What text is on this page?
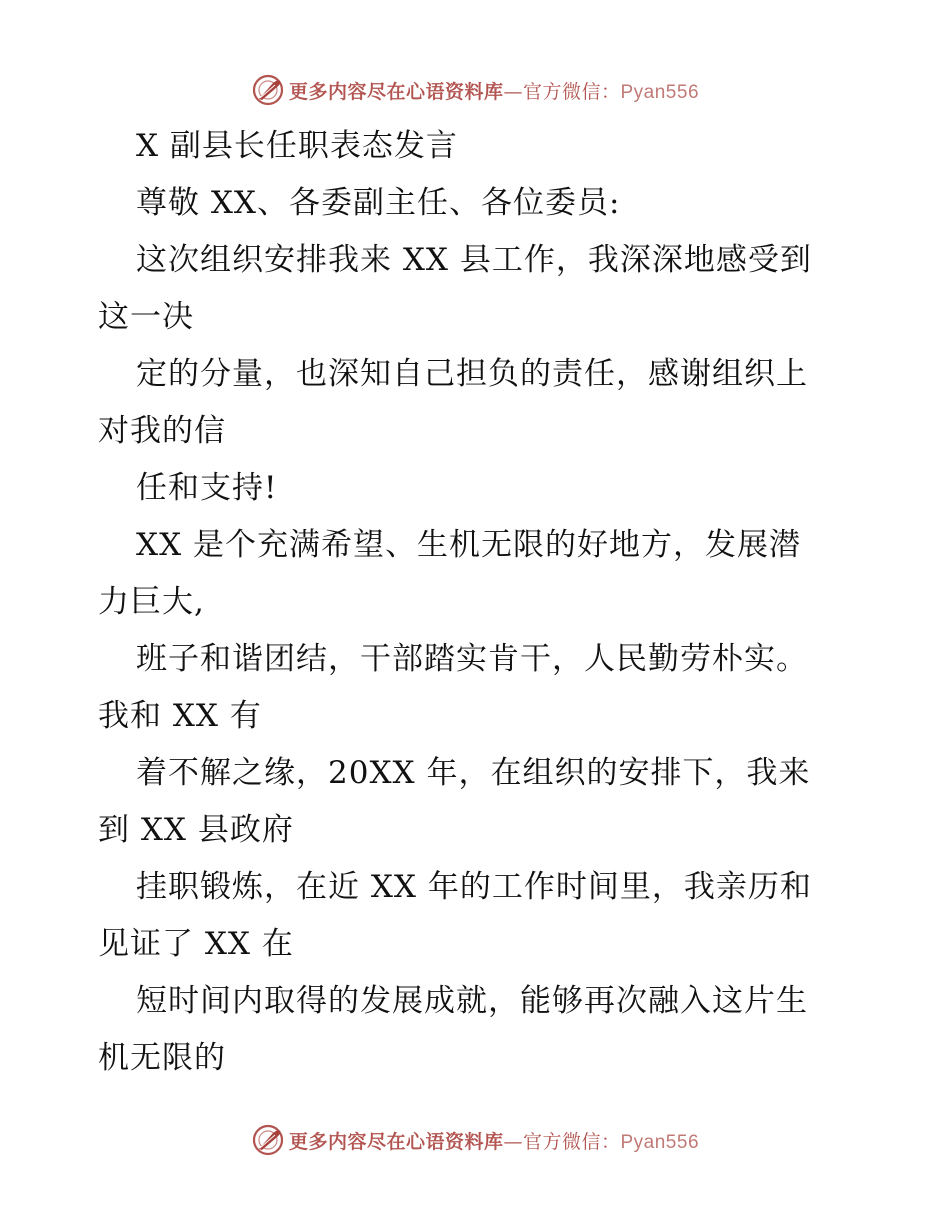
更多内容尽在心语资料库—官方微信：Pyan556
X 副县长任职表态发言
尊敬 XX、各委副主任、各位委员:
这次组织安排我来 XX 县工作，我深深地感受到
这一决
定的分量，也深知自己担负的责任，感谢组织上
对我的信
任和支持!
XX 是个充满希望、生机无限的好地方，发展潜
力巨大,
班子和谐团结，干部踏实肯干，人民勤劳朴实。
我和 XX 有
着不解之缘，20XX 年，在组织的安排下，我来
到 XX 县政府
挂职锻炼，在近 XX 年的工作时间里，我亲历和
见证了 XX 在
短时间内取得的发展成就，能够再次融入这片生
机无限的
更多内容尽在心语资料库—官方微信：Pyan556
